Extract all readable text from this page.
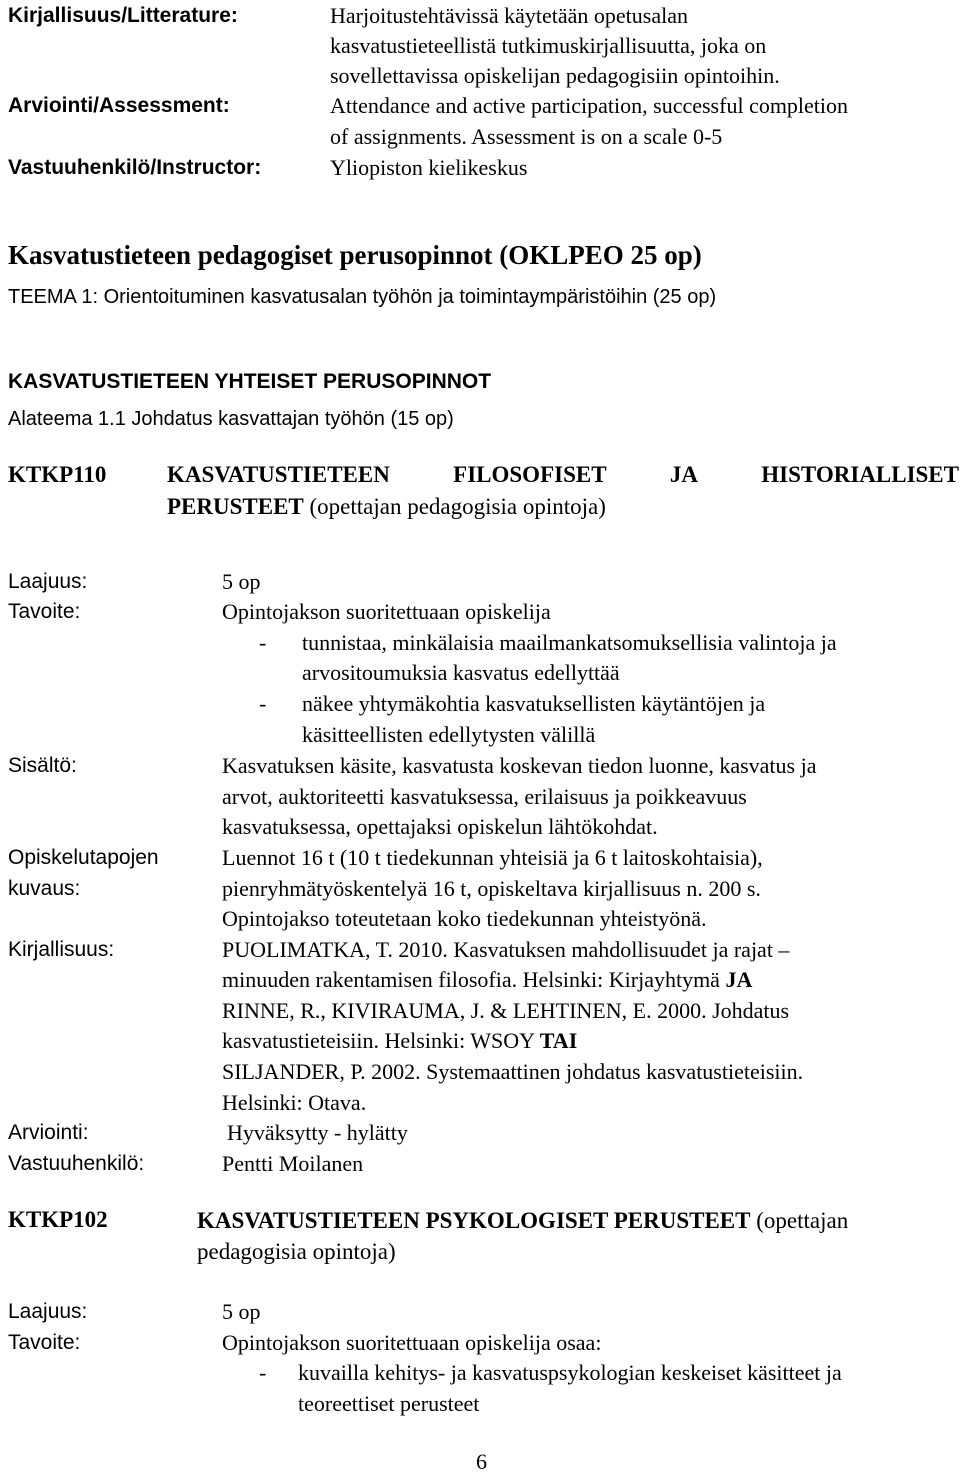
Kirjallisuus/Litterature:	Harjoitustehtävissä käytetään opetusalan
kasvatustieteellistä tutkimuskirjallisuutta, joka on
sovellettavissa opiskelijan pedagogisiin opintoihin.
Arviointi/Assessment:	Attendance and active participation, successful completion
of assignments. Assessment is on a scale 0-5
Vastuuhenkilö/Instructor:	Yliopiston kielikeskus
Kasvatustieteen pedagogiset perusopinnot (OKLPEO 25 op)
TEEMA 1: Orientoituminen kasvatusalan työhön ja toimintaympäristöihin (25 op)
KASVATUSTIETEEN YHTEISET PERUSOPINNOT
Alateema 1.1 Johdatus kasvattajan työhön (15 op)
KTKP110	KASVATUSTIETEEN	FILOSOFISET	JA	HISTORIALLISET
PERUSTEET (opettajan pedagogisia opintoja)
Laajuus:	5 op
Tavoite:	Opintojakson suoritettuaan opiskelija
- tunnistaa, minkälaisia maailmankatsomuksellisia valintoja ja
arvositoumuksia kasvatus edellyttää
- näkee yhtymäkohtia kasvatuksellisten käytäntöjen ja
käsitteellisten edellytysten välillä
Sisältö:	Kasvatuksen käsite, kasvatusta koskevan tiedon luonne, kasvatus ja
arvot, auktoriteetti kasvatuksessa, erilaisuus ja poikkeavuus
kasvatuksessa, opettajaksi opiskelun lähtökohdat.
Opiskelutapojen
kuvaus:
Luennot 16 t (10 t tiedekunnan yhteisiä ja 6 t laitoskohtaisia),
pienryhmätyöskentelyä 16 t, opiskeltava kirjallisuus n. 200 s.
Opintojakso toteutetaan koko tiedekunnan yhteistyönä.
Kirjallisuus:	PUOLIMATKA, T. 2010. Kasvatuksen mahdollisuudet ja rajat –
minuuden rakentamisen filosofia. Helsinki: Kirjayhtymä JA
RINNE, R., KIVIRAUMA, J. & LEHTINEN, E. 2000. Johdatus
kasvatustieteisiin. Helsinki: WSOY TAI
SILJANDER, P. 2002. Systemaattinen johdatus kasvatustieteisiin.
Helsinki: Otava.
Arviointi:	Hyväksytty - hylätty
Vastuuhenkilö:	Pentti Moilanen
KTKP102	KASVATUSTIETEEN PSYKOLOGISET PERUSTEET (opettajan
pedagogisia opintoja)
Laajuus:	5 op
Tavoite:	Opintojakson suoritettuaan opiskelija osaa:
- kuvailla kehitys- ja kasvatuspsykologian keskeiset käsitteet ja
teoreettiset perusteet
6
